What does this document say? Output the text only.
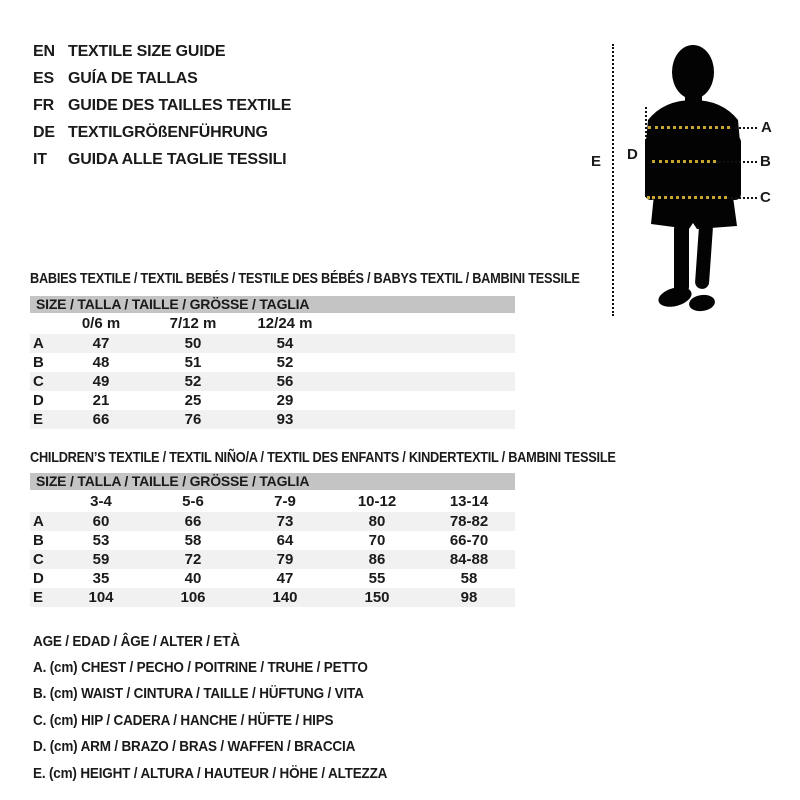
EN TEXTILE SIZE GUIDE
ES GUÍA DE TALLAS
FR GUIDE DES TAILLES TEXTILE
DE TEXTILGRÖßENFÜHRUNG
IT	GUIDA ALLE TAGLIE TESSILI	E D
A
B
C
BABIES TEXTILE / TEXTIL BEBÉS / TESTILE DES BÉBÉS / BABYS TEXTIL / BAMBINI TESSILE
SIZE / TALLA / TAILLE / GRÖSSE / TAGLIA
0/6 m	7/12 m	12/24 m
A	47	50	54
B	48	51	52
C	49	52	56
D	21	25	29
E	66	76	93
CHILDREN’S TEXTILE / TEXTIL NIÑO/A / TEXTIL DES ENFANTS / KINDERTEXTIL / BAMBINI TESSILE
SIZE / TALLA / TAILLE / GRÖSSE / TAGLIA
3-4	5-6	7-9	10-12	13-14
A	60	66	73	80	78-82
B	53	58	64	70	66-70
C	59	72	79	86	84-88
D	35	40	47	55	58
E	104	106	140	150	98
AGE / EDAD / ÂGE / ALTER / ETÀ
A. (cm) CHEST / PECHO / POITRINE / TRUHE / PETTO
B. (cm) WAIST / CINTURA / TAILLE / HÜFTUNG / VITA
C. (cm) HIP / CADERA / HANCHE / HÜFTE / HIPS
D. (cm) ARM / BRAZO / BRAS / WAFFEN / BRACCIA
E. (cm) HEIGHT / ALTURA / HAUTEUR / HÖHE / ALTEZZA
